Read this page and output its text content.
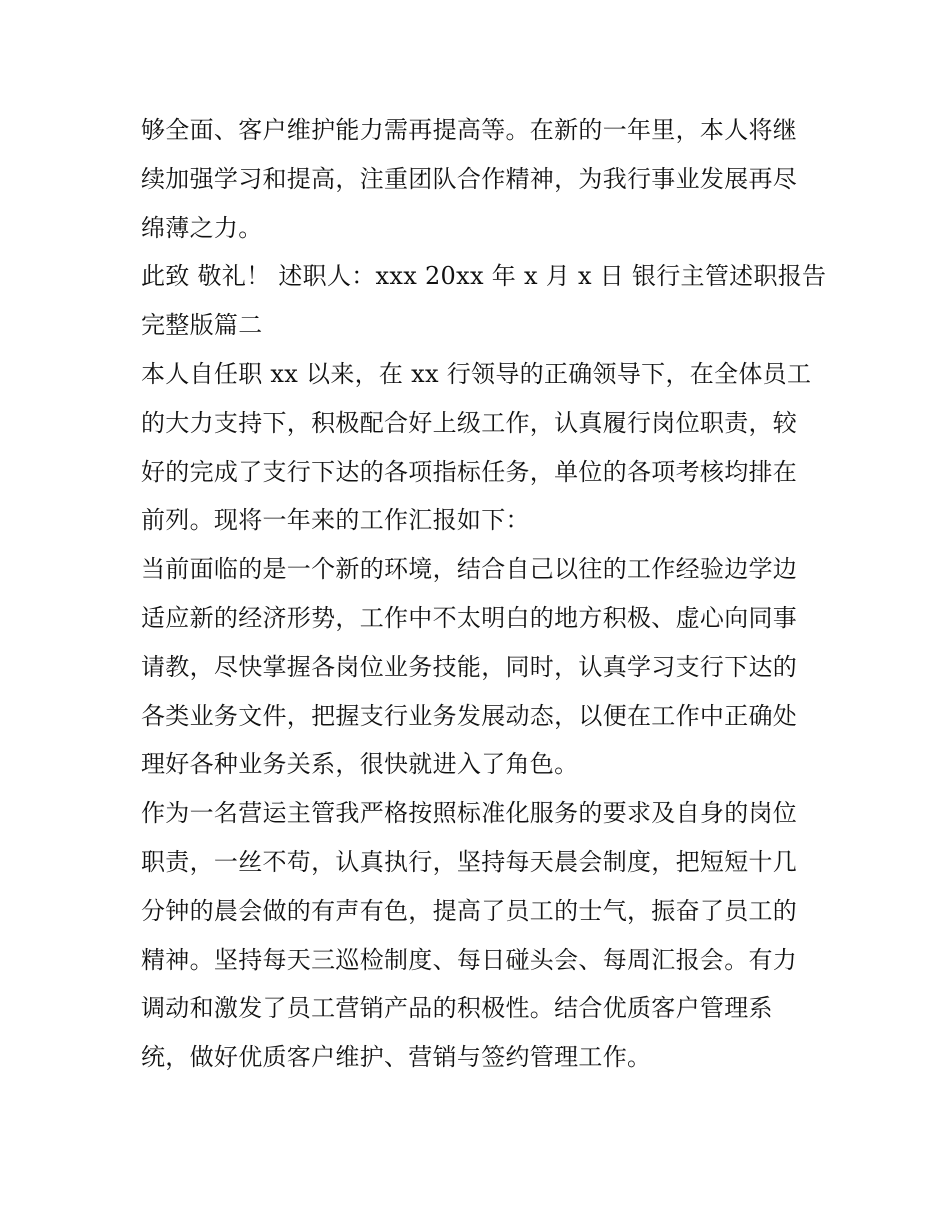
够全面、客户维护能力需再提高等。在新的一年里，本人将继
续加强学习和提高，注重团队合作精神，为我行事业发展再尽
绵薄之力。
此致 敬礼！ 述职人：xxx 20xx 年 x 月 x 日 银行主管述职报告
完整版篇二
本人自任职 xx 以来，在 xx 行领导的正确领导下，在全体员工
的大力支持下，积极配合好上级工作，认真履行岗位职责，较
好的完成了支行下达的各项指标任务，单位的各项考核均排在
前列。现将一年来的工作汇报如下：
当前面临的是一个新的环境，结合自己以往的工作经验边学边
适应新的经济形势，工作中不太明白的地方积极、虚心向同事
请教，尽快掌握各岗位业务技能，同时，认真学习支行下达的
各类业务文件，把握支行业务发展动态，以便在工作中正确处
理好各种业务关系，很快就进入了角色。
作为一名营运主管我严格按照标准化服务的要求及自身的岗位
职责，一丝不苟，认真执行，坚持每天晨会制度，把短短十几
分钟的晨会做的有声有色，提高了员工的士气，振奋了员工的
精神。坚持每天三巡检制度、每日碰头会、每周汇报会。有力
调动和激发了员工营销产品的积极性。结合优质客户管理系
统，做好优质客户维护、营销与签约管理工作。
